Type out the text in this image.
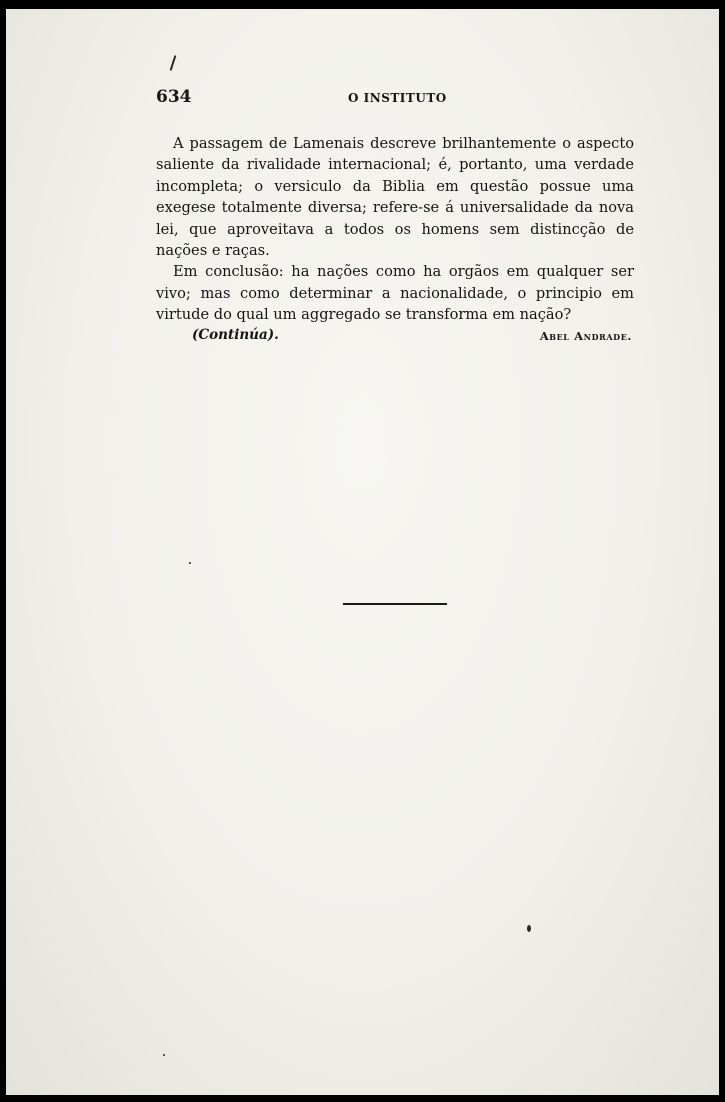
634	O INSTITUTO

A passagem de Lamenais descreve brilhantemente o aspecto saliente da rivalidade internacional; é, portanto, uma verdade incompleta; o versiculo da Biblia em questão possue uma exegese totalmente diversa; refere-se á universalidade da nova lei, que aproveitava a todos os homens sem distincção de nações e raças.

Em conclusão: ha nações como ha orgãos em qualquer ser vivo; mas como determinar a nacionalidade, o principio em virtude do qual um aggregado se transforma em nação?

(Continúa).	Abel Andrade.
